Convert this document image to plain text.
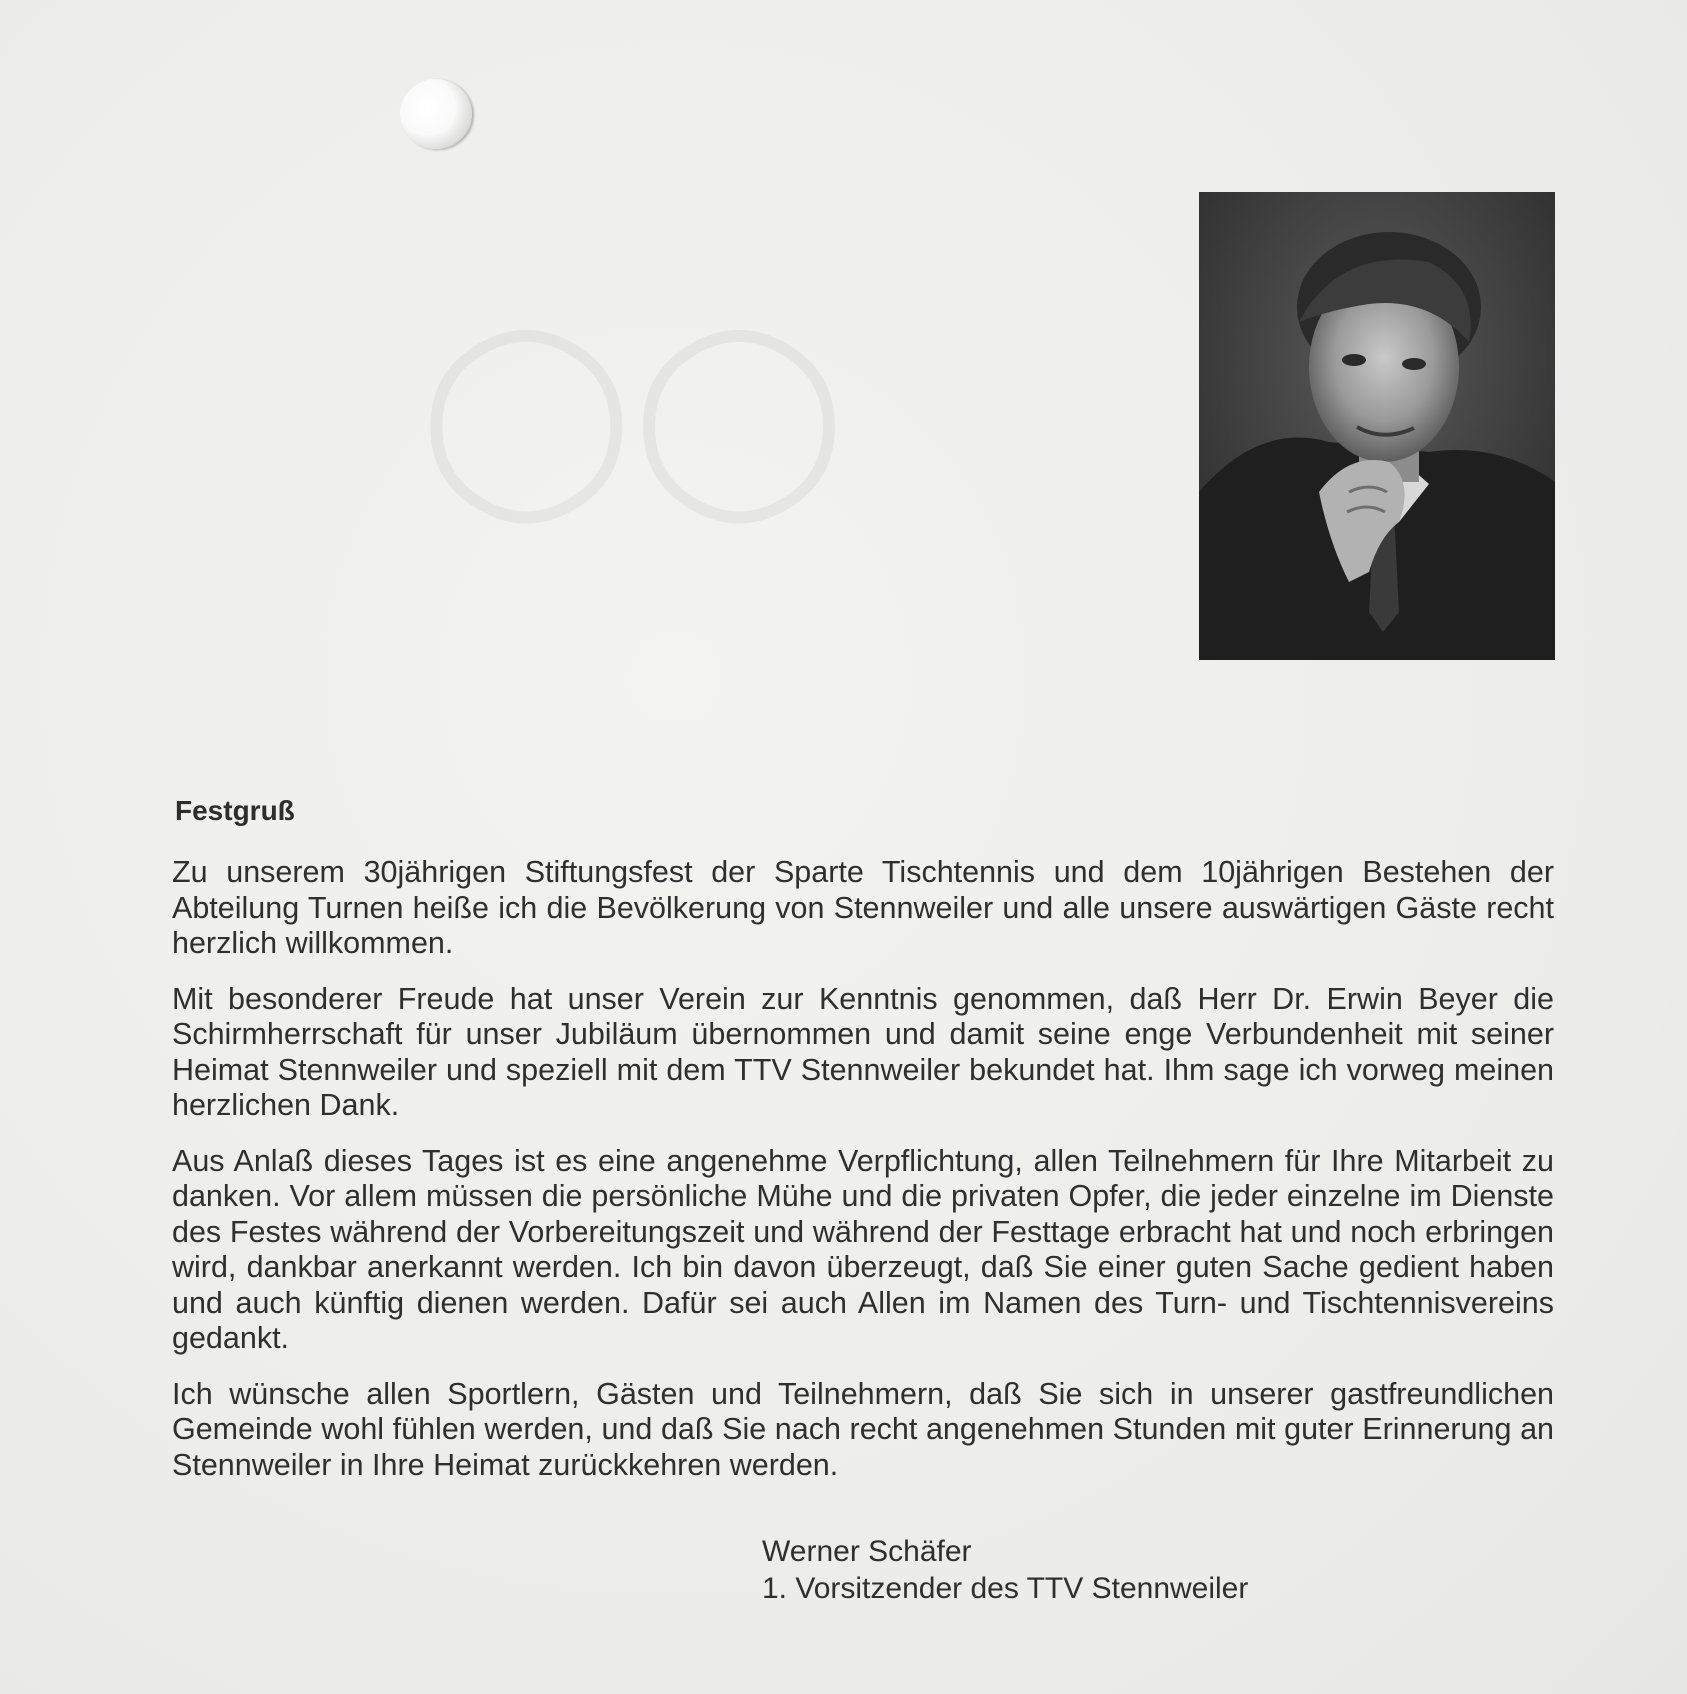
◯◯
Festgruß

Zu unserem 30jährigen Stiftungsfest der Sparte Tischtennis und dem 10jährigen Bestehen der Abteilung Turnen heiße ich die Bevölkerung von Stennweiler und alle unsere auswärtigen Gäste recht herzlich willkommen.

Mit besonderer Freude hat unser Verein zur Kenntnis genommen, daß Herr Dr. Erwin Beyer die Schirmherrschaft für unser Jubiläum übernommen und damit seine enge Verbundenheit mit seiner Heimat Stennweiler und speziell mit dem TTV Stennweiler bekundet hat. Ihm sage ich vorweg meinen herzlichen Dank.

Aus Anlaß dieses Tages ist es eine angenehme Verpflichtung, allen Teilnehmern für Ihre Mitarbeit zu danken. Vor allem müssen die persönliche Mühe und die privaten Opfer, die jeder einzelne im Dienste des Festes während der Vorbereitungszeit und während der Festtage erbracht hat und noch erbringen wird, dankbar anerkannt werden. Ich bin davon überzeugt, daß Sie einer guten Sache gedient haben und auch künftig dienen werden. Dafür sei auch Allen im Namen des Turn- und Tischtennisvereins gedankt.

Ich wünsche allen Sportlern, Gästen und Teilnehmern, daß Sie sich in unserer gastfreundlichen Gemeinde wohl fühlen werden, und daß Sie nach recht angenehmen Stunden mit guter Erinnerung an Stennweiler in Ihre Heimat zurückkehren werden.

Werner Schäfer
1. Vorsitzender des TTV Stennweiler
